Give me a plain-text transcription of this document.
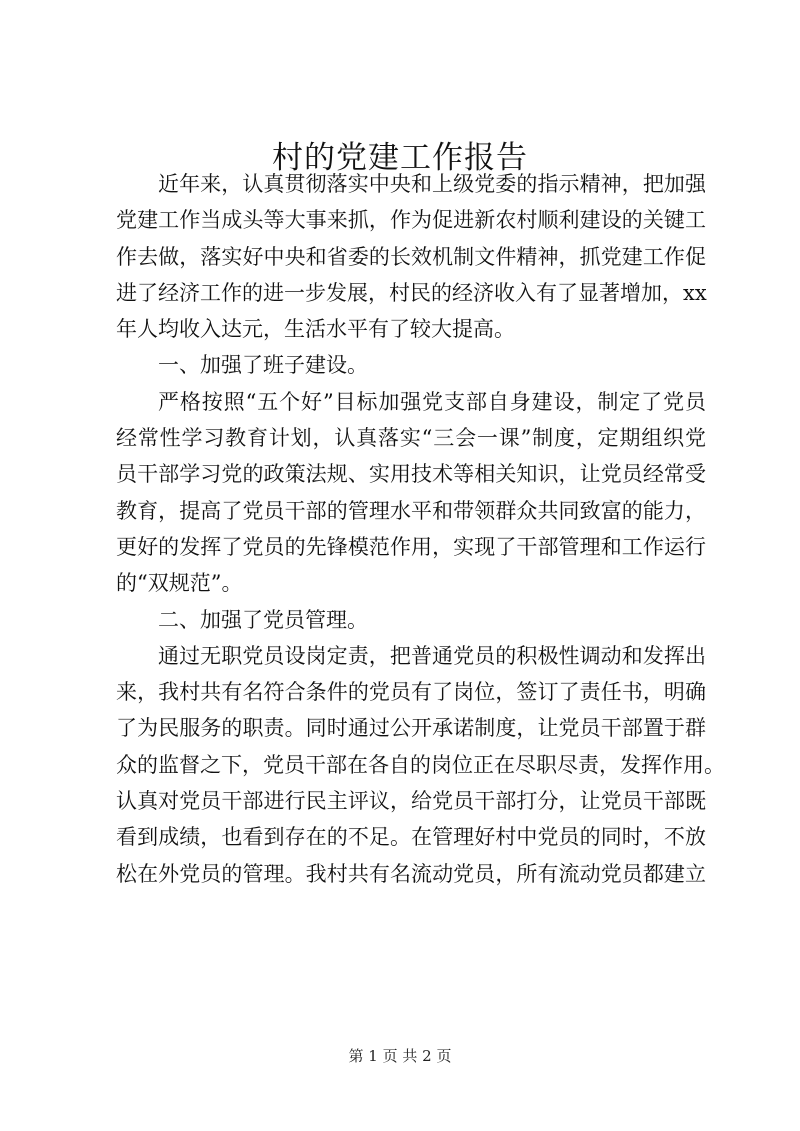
村的党建工作报告
近年来，认真贯彻落实中央和上级党委的指示精神，把加强
党建工作当成头等大事来抓，作为促进新农村顺利建设的关键工
作去做，落实好中央和省委的长效机制文件精神，抓党建工作促
进了经济工作的进一步发展，村民的经济收入有了显著增加，xx
年人均收入达元，生活水平有了较大提高。
一、加强了班子建设。
严格按照“五个好”目标加强党支部自身建设，制定了党员
经常性学习教育计划，认真落实“三会一课”制度，定期组织党
员干部学习党的政策法规、实用技术等相关知识，让党员经常受
教育，提高了党员干部的管理水平和带领群众共同致富的能力，
更好的发挥了党员的先锋模范作用，实现了干部管理和工作运行
的“双规范”。
二、加强了党员管理。
通过无职党员设岗定责，把普通党员的积极性调动和发挥出
来，我村共有名符合条件的党员有了岗位，签订了责任书，明确
了为民服务的职责。同时通过公开承诺制度，让党员干部置于群
众的监督之下，党员干部在各自的岗位正在尽职尽责，发挥作用。
认真对党员干部进行民主评议，给党员干部打分，让党员干部既
看到成绩，也看到存在的不足。在管理好村中党员的同时，不放
松在外党员的管理。我村共有名流动党员，所有流动党员都建立
第 1 页 共 2 页
